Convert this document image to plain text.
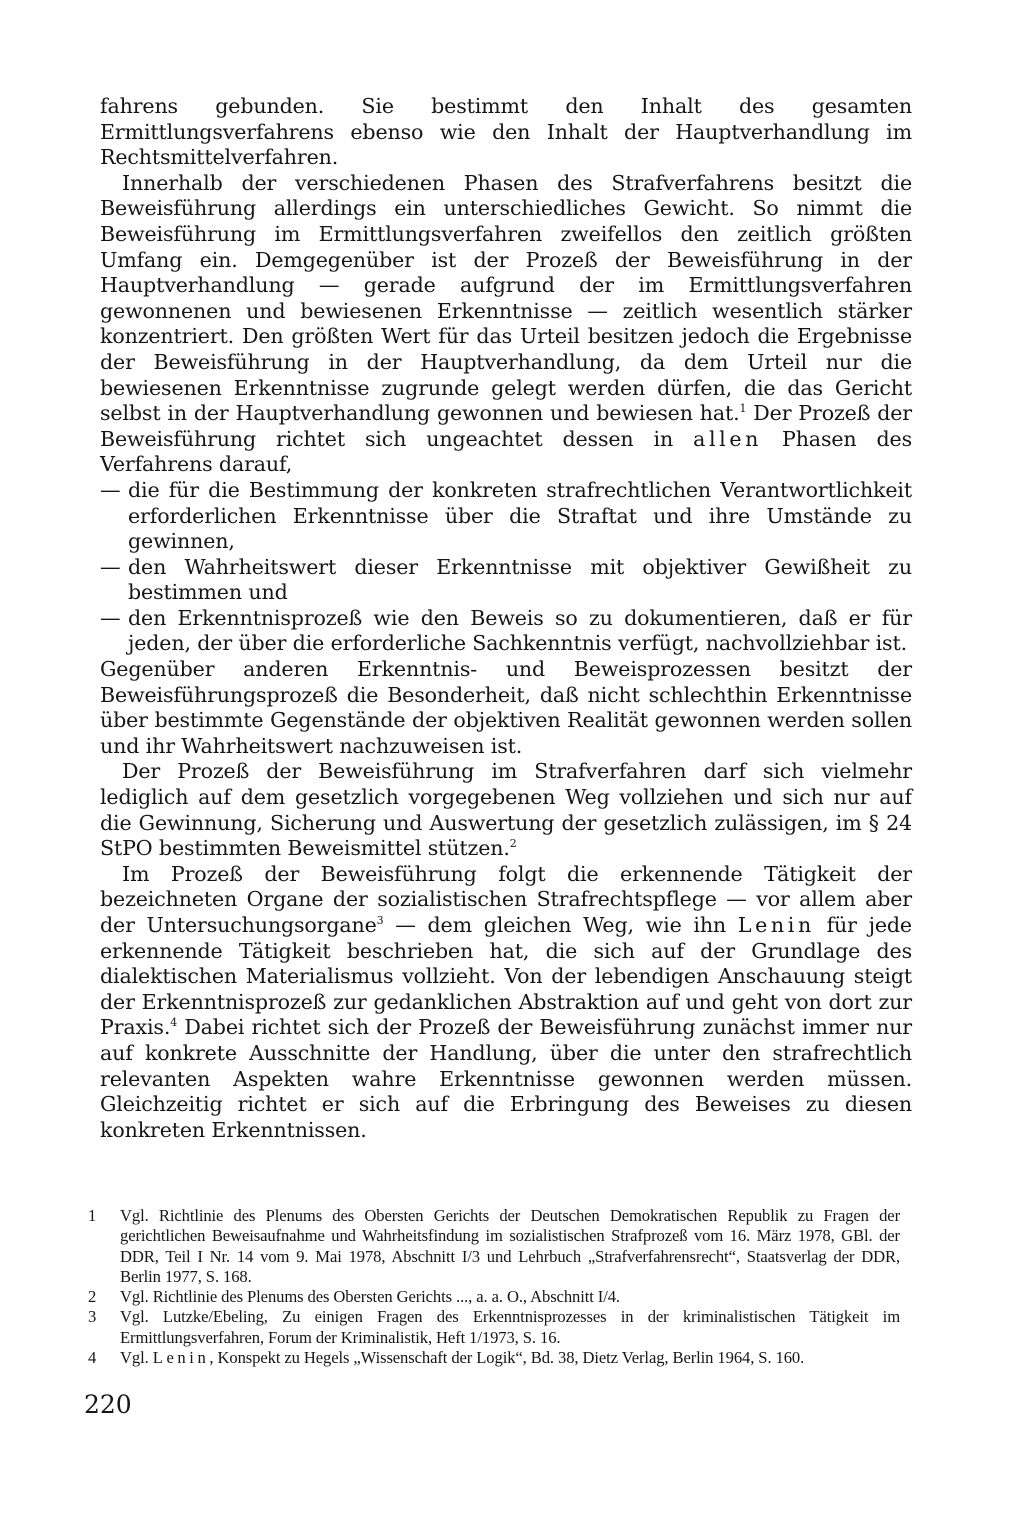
fahrens gebunden. Sie bestimmt den Inhalt des gesamten Ermittlungsverfahrens ebenso wie den Inhalt der Hauptverhandlung im Rechtsmittelverfahren.

Innerhalb der verschiedenen Phasen des Strafverfahrens besitzt die Beweisführung allerdings ein unterschiedliches Gewicht. So nimmt die Beweisführung im Ermittlungsverfahren zweifellos den zeitlich größten Umfang ein. Demgegenüber ist der Prozeß der Beweisführung in der Hauptverhandlung — gerade aufgrund der im Ermittlungsverfahren gewonnenen und bewiesenen Erkenntnisse — zeitlich wesentlich stärker konzentriert. Den größten Wert für das Urteil besitzen jedoch die Ergebnisse der Beweisführung in der Hauptverhandlung, da dem Urteil nur die bewiesenen Erkenntnisse zugrunde gelegt werden dürfen, die das Gericht selbst in der Hauptverhandlung gewonnen und bewiesen hat.$^1$ Der Prozeß der Beweisführung richtet sich ungeachtet dessen in allen Phasen des Verfahrens darauf,

— die für die Bestimmung der konkreten strafrechtlichen Verantwortlichkeit erforderlichen Erkenntnisse über die Straftat und ihre Umstände zu gewinnen,
— den Wahrheitswert dieser Erkenntnisse mit objektiver Gewißheit zu bestimmen und
— den Erkenntnisprozeß wie den Beweis so zu dokumentieren, daß er für jeden, der über die erforderliche Sachkenntnis verfügt, nachvollziehbar ist.

Gegenüber anderen Erkenntnis- und Beweisprozessen besitzt der Beweisführungsprozeß die Besonderheit, daß nicht schlechthin Erkenntnisse über bestimmte Gegenstände der objektiven Realität gewonnen werden sollen und ihr Wahrheitswert nachzuweisen ist.

Der Prozeß der Beweisführung im Strafverfahren darf sich vielmehr lediglich auf dem gesetzlich vorgegebenen Weg vollziehen und sich nur auf die Gewinnung, Sicherung und Auswertung der gesetzlich zulässigen, im § 24 StPO bestimmten Beweismittel stützen.$^2$

Im Prozeß der Beweisführung folgt die erkennende Tätigkeit der bezeichneten Organe der sozialistischen Strafrechtspflege — vor allem aber der Untersuchungsorgane$^3$ — dem gleichen Weg, wie ihn Lenin für jede erkennende Tätigkeit beschrieben hat, die sich auf der Grundlage des dialektischen Materialismus vollzieht. Von der lebendigen Anschauung steigt der Erkenntnisprozeß zur gedanklichen Abstraktion auf und geht von dort zur Praxis.$^4$ Dabei richtet sich der Prozeß der Beweisführung zunächst immer nur auf konkrete Ausschnitte der Handlung, über die unter den strafrechtlich relevanten Aspekten wahre Erkenntnisse gewonnen werden müssen. Gleichzeitig richtet er sich auf die Erbringung des Beweises zu diesen konkreten Erkenntnissen.

1 Vgl. Richtlinie des Plenums des Obersten Gerichts der Deutschen Demokratischen Republik zu Fragen der gerichtlichen Beweisaufnahme und Wahrheitsfindung im sozialistischen Strafprozeß vom 16. März 1978, GBl. der DDR, Teil I Nr. 14 vom 9. Mai 1978, Abschnitt I/3 und Lehrbuch „Strafverfahrensrecht“, Staatsverlag der DDR, Berlin 1977, S. 168.
2 Vgl. Richtlinie des Plenums des Obersten Gerichts ..., a. a. O., Abschnitt I/4.
3 Vgl. Lutzke/Ebeling, Zu einigen Fragen des Erkenntnisprozesses in der kriminalistischen Tätigkeit im Ermittlungsverfahren, Forum der Kriminalistik, Heft 1/1973, S. 16.
4 Vgl. Lenin, Konspekt zu Hegels „Wissenschaft der Logik“, Bd. 38, Dietz Verlag, Berlin 1964, S. 160.
220
